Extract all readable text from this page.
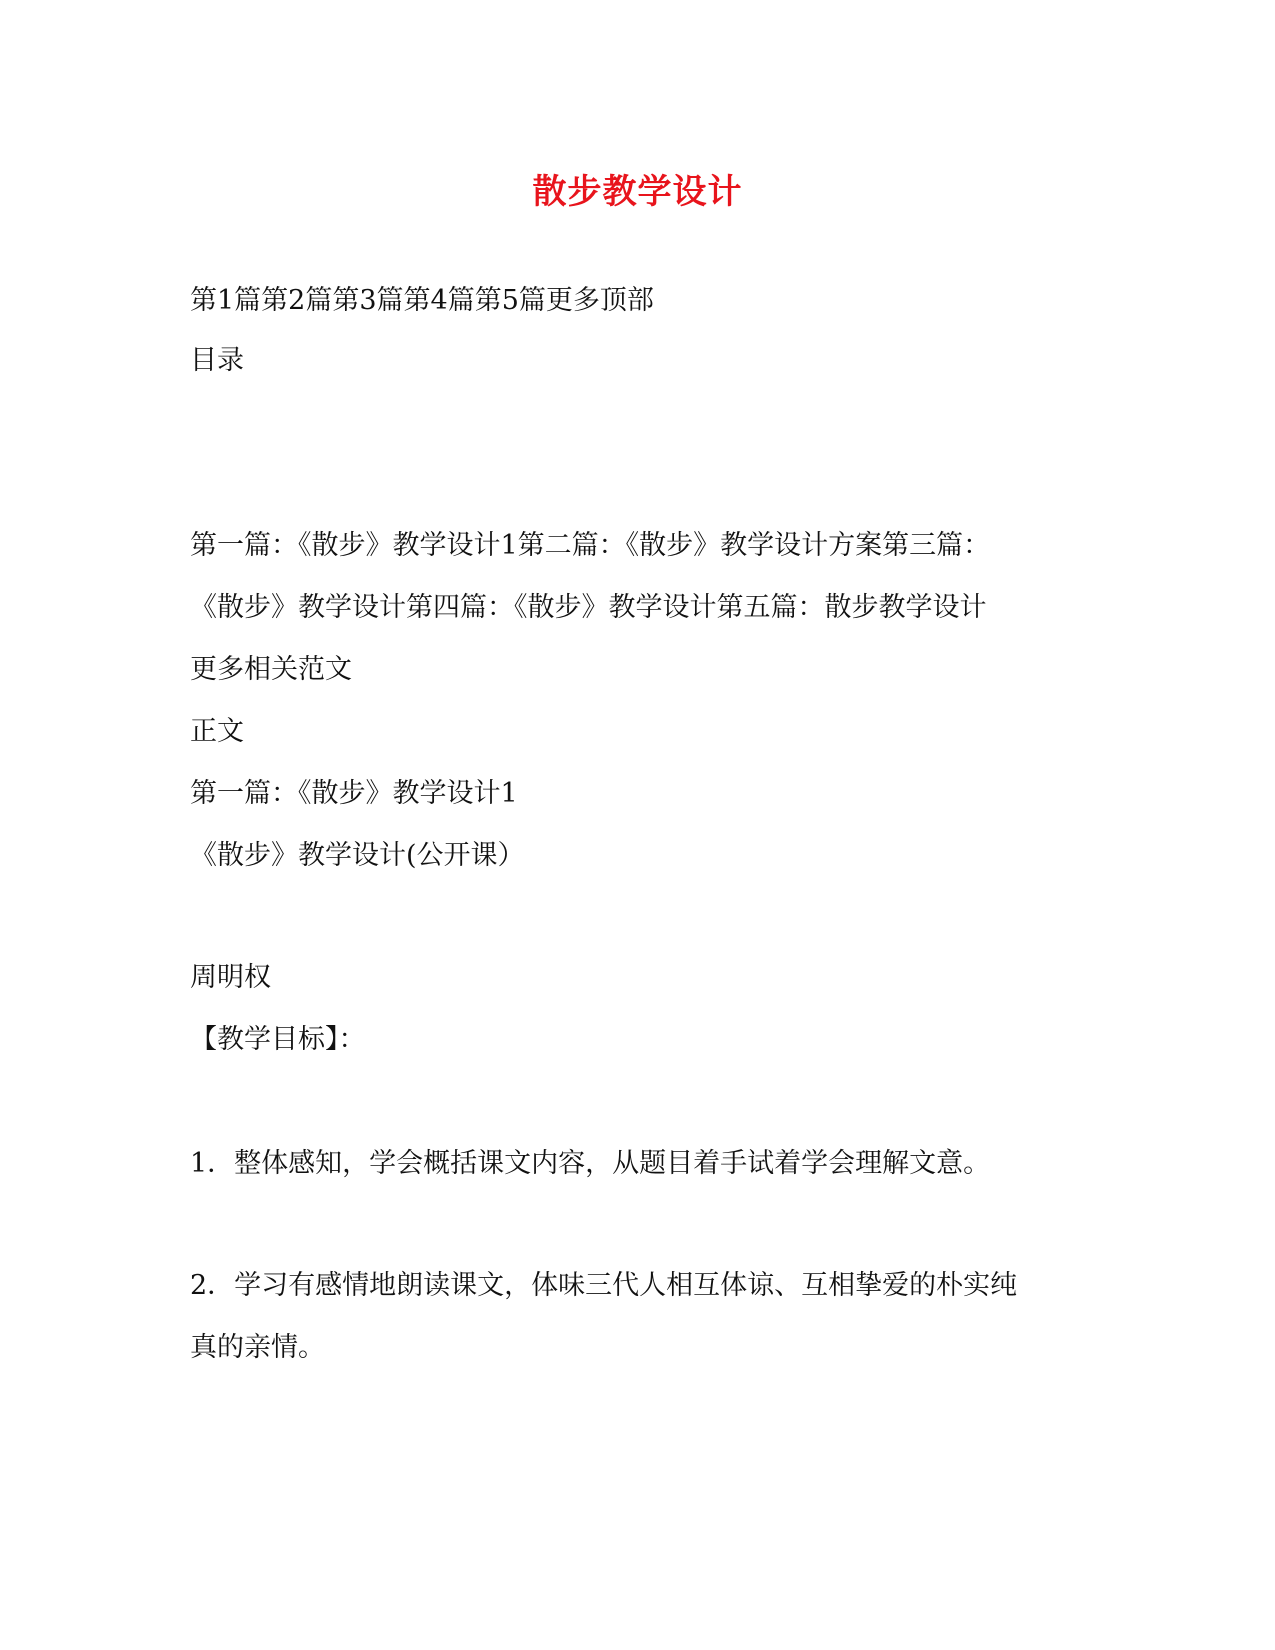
散步教学设计
第1篇第2篇第3篇第4篇第5篇更多顶部
目录
第一篇：《散步》教学设计1第二篇：《散步》教学设计方案第三篇：
《散步》教学设计第四篇：《散步》教学设计第五篇：散步教学设计
更多相关范文
正文
第一篇：《散步》教学设计1
《散步》教学设计(公开课）
周明权
【教学目标】：
1．整体感知，学会概括课文内容，从题目着手试着学会理解文意。
2．学习有感情地朗读课文，体味三代人相互体谅、互相挚爱的朴实纯
真的亲情。
